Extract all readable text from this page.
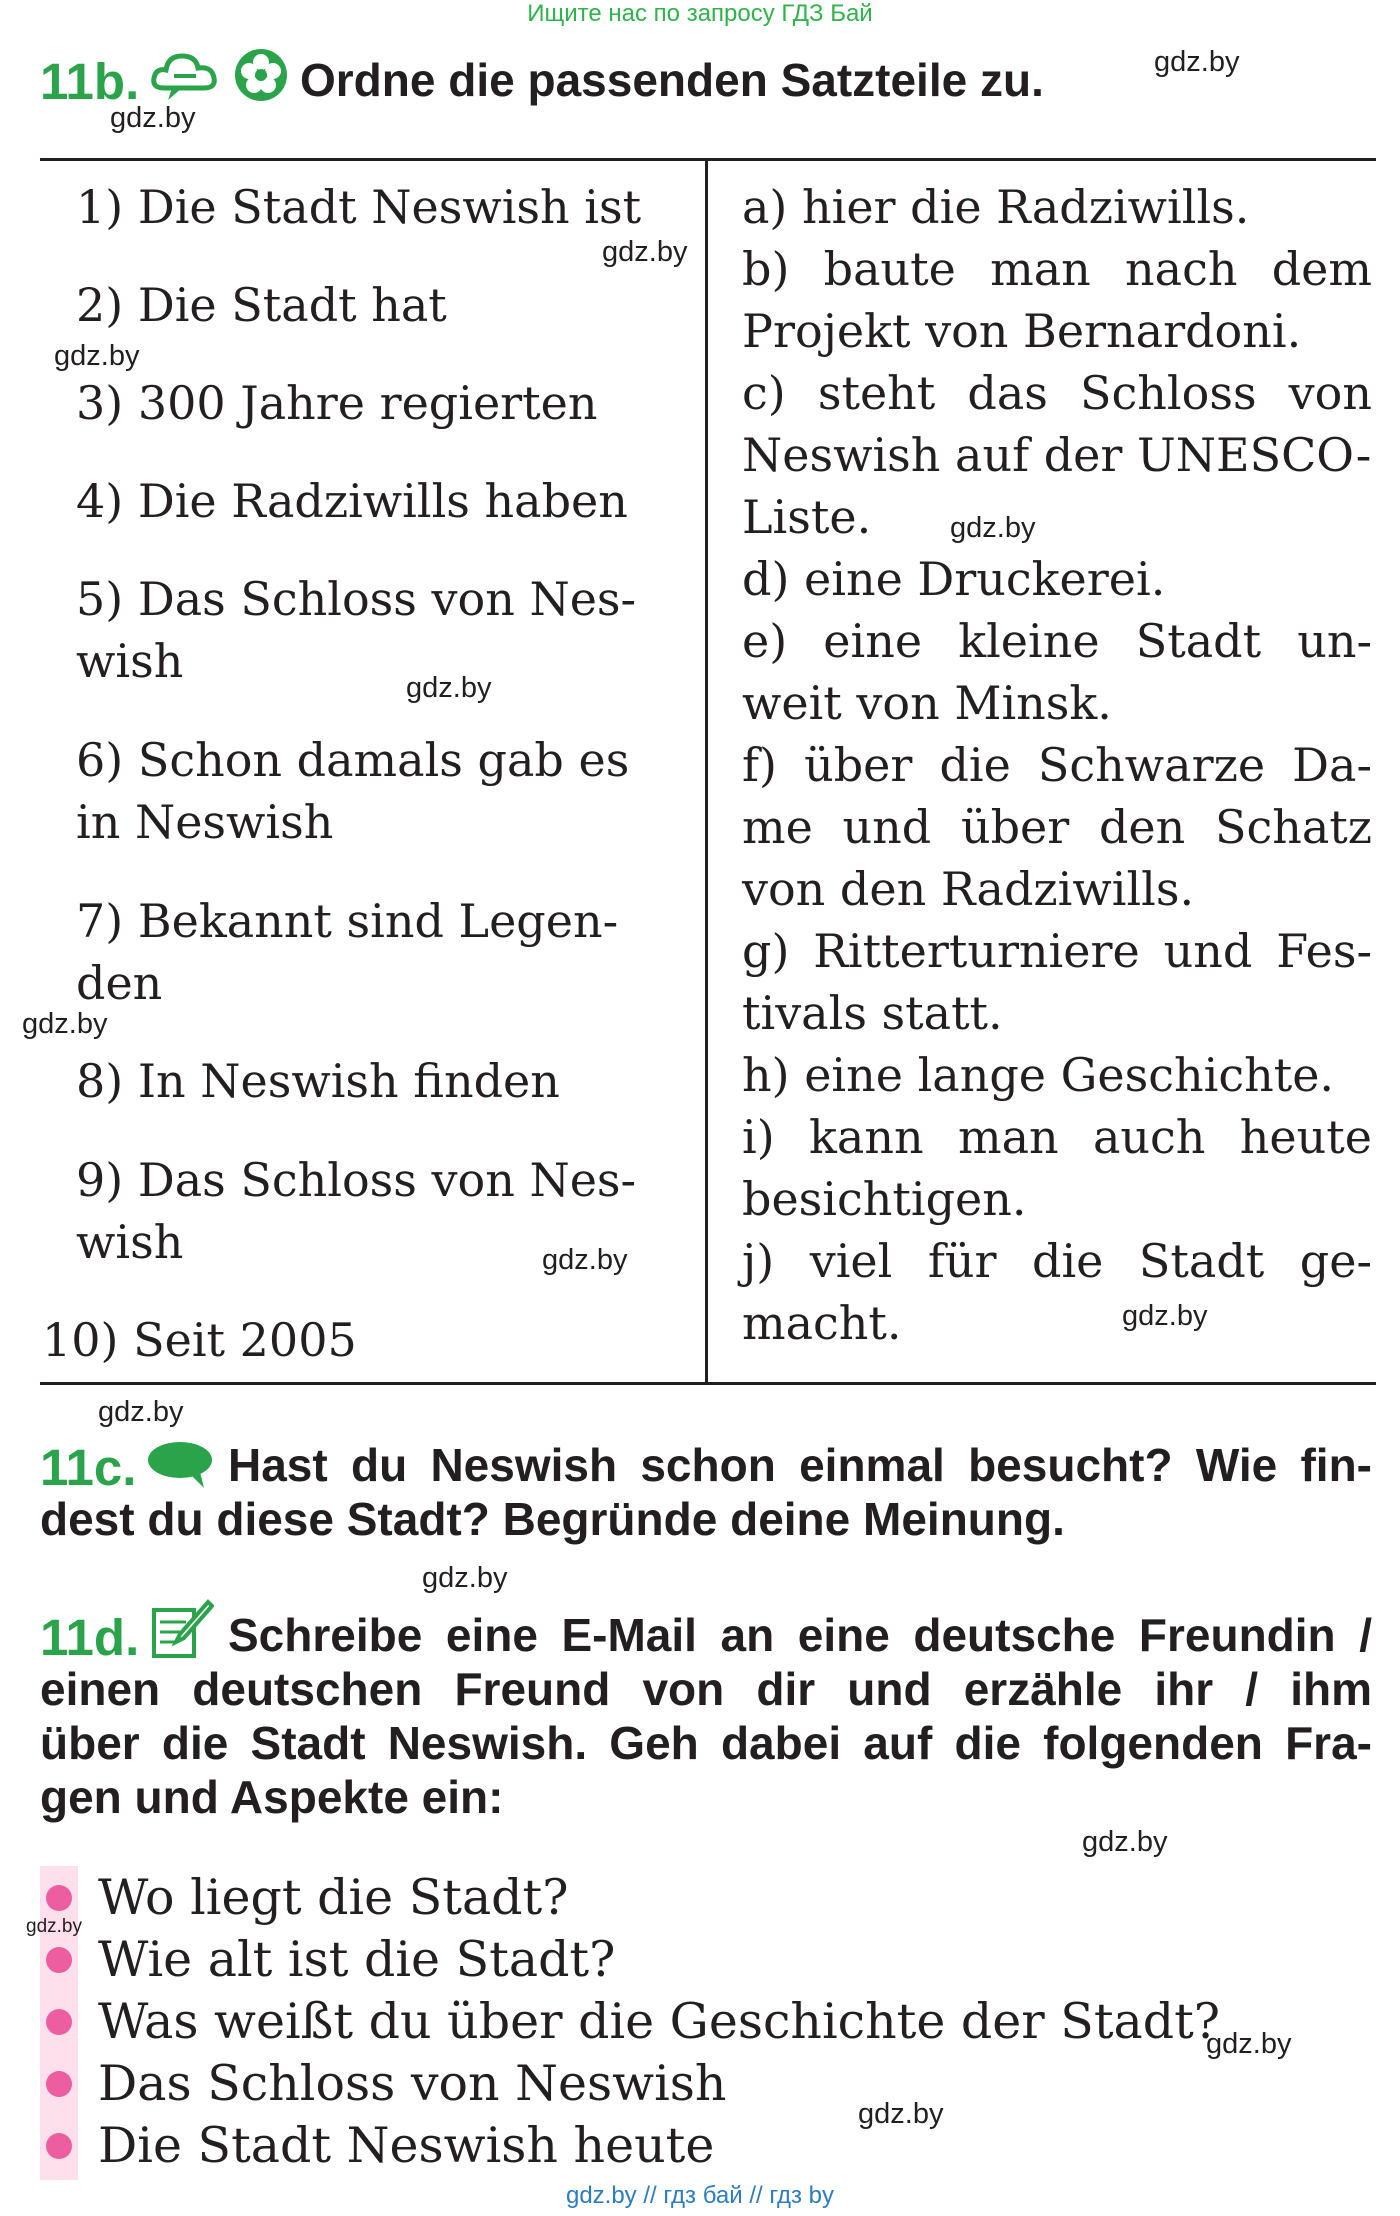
Ищите нас по запросу ГДЗ Бай
gdz.by // гдз бай // гдз by
11b.	Ordne die passenden Satzteile zu.
1) Die Stadt Neswish ist
2) Die Stadt hat
3) 300 Jahre regierten
4) Die Radziwills haben
5) Das Schloss von Nes-
wish
6) Schon damals gab es
in Neswish
7) Bekannt sind Legen-
den
8) In Neswish finden
9) Das Schloss von Nes-
wish
10) Seit 2005
a) hier die Radziwills.
b) baute man nach dem
Projekt von Bernardoni.
c) steht das Schloss von
Neswish auf der UNESCO-
Liste.
d) eine Druckerei.
e) eine kleine Stadt un-
weit von Minsk.
f) über die Schwarze Da-
me und über den Schatz
von den Radziwills.
g) Ritterturniere und Fes-
tivals statt.
h) eine lange Geschichte.
i) kann man auch heute
besichtigen.
j) viel für die Stadt ge-
macht.
11c. Hast du Neswish schon einmal besucht? Wie fin-
dest du diese Stadt? Begründe deine Meinung.
11d. Schreibe eine E-Mail an eine deutsche Freundin /
einen deutschen Freund von dir und erzähle ihr / ihm
über die Stadt Neswish. Geh dabei auf die folgenden Fra-
gen und Aspekte ein:
Wo liegt die Stadt?
Wie alt ist die Stadt?
Was weißt du über die Geschichte der Stadt?
Das Schloss von Neswish
Die Stadt Neswish heute
gdz.by
gdz.by
gdz.by
gdz.by
gdz.by
gdz.by
gdz.by
gdz.by
gdz.by
gdz.by
gdz.by
gdz.by
gdz.by
gdz.by
gdz.by
